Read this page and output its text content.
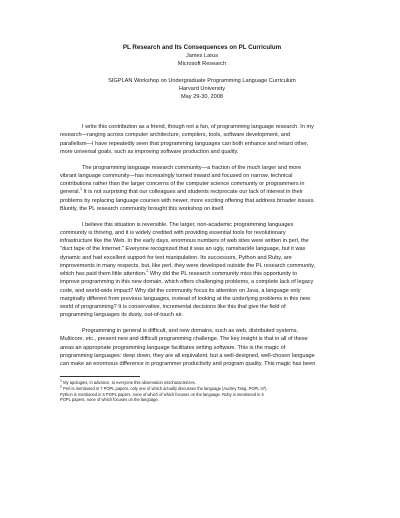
PL Research and Its Consequences on PL Curriculum
James Larus
Microsoft Research
SIGPLAN Workshop on Undergraduate Programming Language Curriculum
Harvard University
May 29-30, 2008
I write this contribution as a friend, though not a fan, of programming language research. In my
research—ranging across computer architecture, compilers, tools, software development, and
parallelism—I have repeatedly seen that programming languages can both enhance and retard other,
more universal goals, such as improving software production and quality.
The programming language research community—a fraction of the much larger and more
vibrant language community—has increasingly turned inward and focused on narrow, technical
contributions rather than the larger concerns of the computer science community or programmers in
general.$^1$ It is not surprising that our colleagues and students reciprocate our lack of interest in their
problems by replacing language courses with newer, more exciting offering that address broader issues.
Bluntly, the PL research community brought this workshop on itself.
I believe this situation is reversible. The larger, non-academic programming languages
community is thriving, and it is widely credited with providing essential tools for revolutionary
infrastructure like the Web. In the early days, enormous numbers of web sites were written in perl, the
“duct tape of the Internet.” Everyone recognized that it was an ugly, ramshackle language, but it was
dynamic and had excellent support for text manipulation. Its successors, Python and Ruby, are
improvements in many respects, but, like perl, they were developed outside the PL research community,
which has paid them little attention.$^2$ Why did the PL research community miss this opportunity to
improve programming in this new domain, which offers challenging problems, a complete lack of legacy
code, and world-wide impact? Why did the community focus its attention on Java, a language only
marginally different from previous languages, instead of looking at the underlying problems in this new
world of programming? It is conservative, incremental decisions like this that give the field of
programming languages its dusty, out-of-touch air.
Programming in general is difficult, and new domains, such as web, distributed systems,
Multicore, etc., present new and difficult programming challenge. The key insight is that in all of these
areas an appropriate programming language facilitates writing software. This is the magic of
programming languages: deep down, they are all equivalent, but a well-designed, well-chosen language
can make an enormous difference in programmer productivity and program quality. This magic has been
$^1$ My apologies, in advance, to everyone this observation mischaracterizes.
$^2$ Perl is mentioned in 7 POPL papers, only one of which actually discusses the language (Audrey Tang, POPL 07).
Python is mentioned in 6 POPL papers, none of which of which focuses on the language. Ruby is mentioned in 5
POPL papers, none of which focuses on the language.
